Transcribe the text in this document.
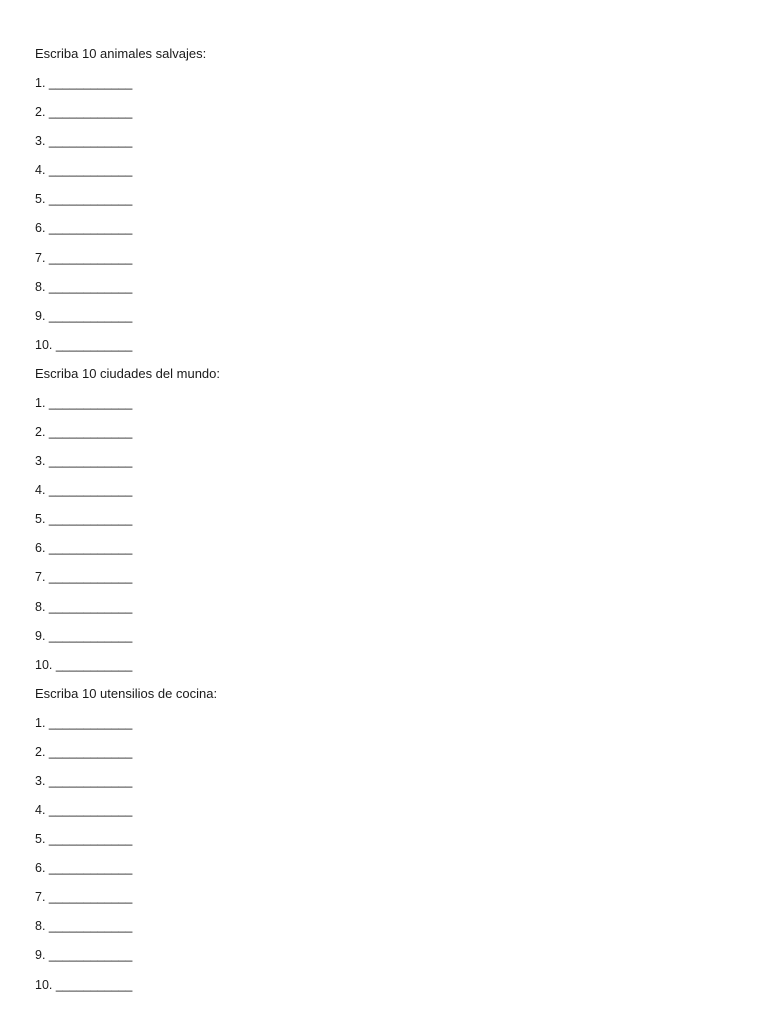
Escriba 10 animales salvajes:
1. ____________
2. ____________
3. ____________
4. ____________
5. ____________
6. ____________
7. ____________
8. ____________
9. ____________
10. ___________
Escriba 10 ciudades del mundo:
1. ____________
2. ____________
3. ____________
4. ____________
5. ____________
6. ____________
7. ____________
8. ____________
9. ____________
10. ___________
Escriba 10 utensilios de cocina:
1. ____________
2. ____________
3. ____________
4. ____________
5. ____________
6. ____________
7. ____________
8. ____________
9. ____________
10. ___________
